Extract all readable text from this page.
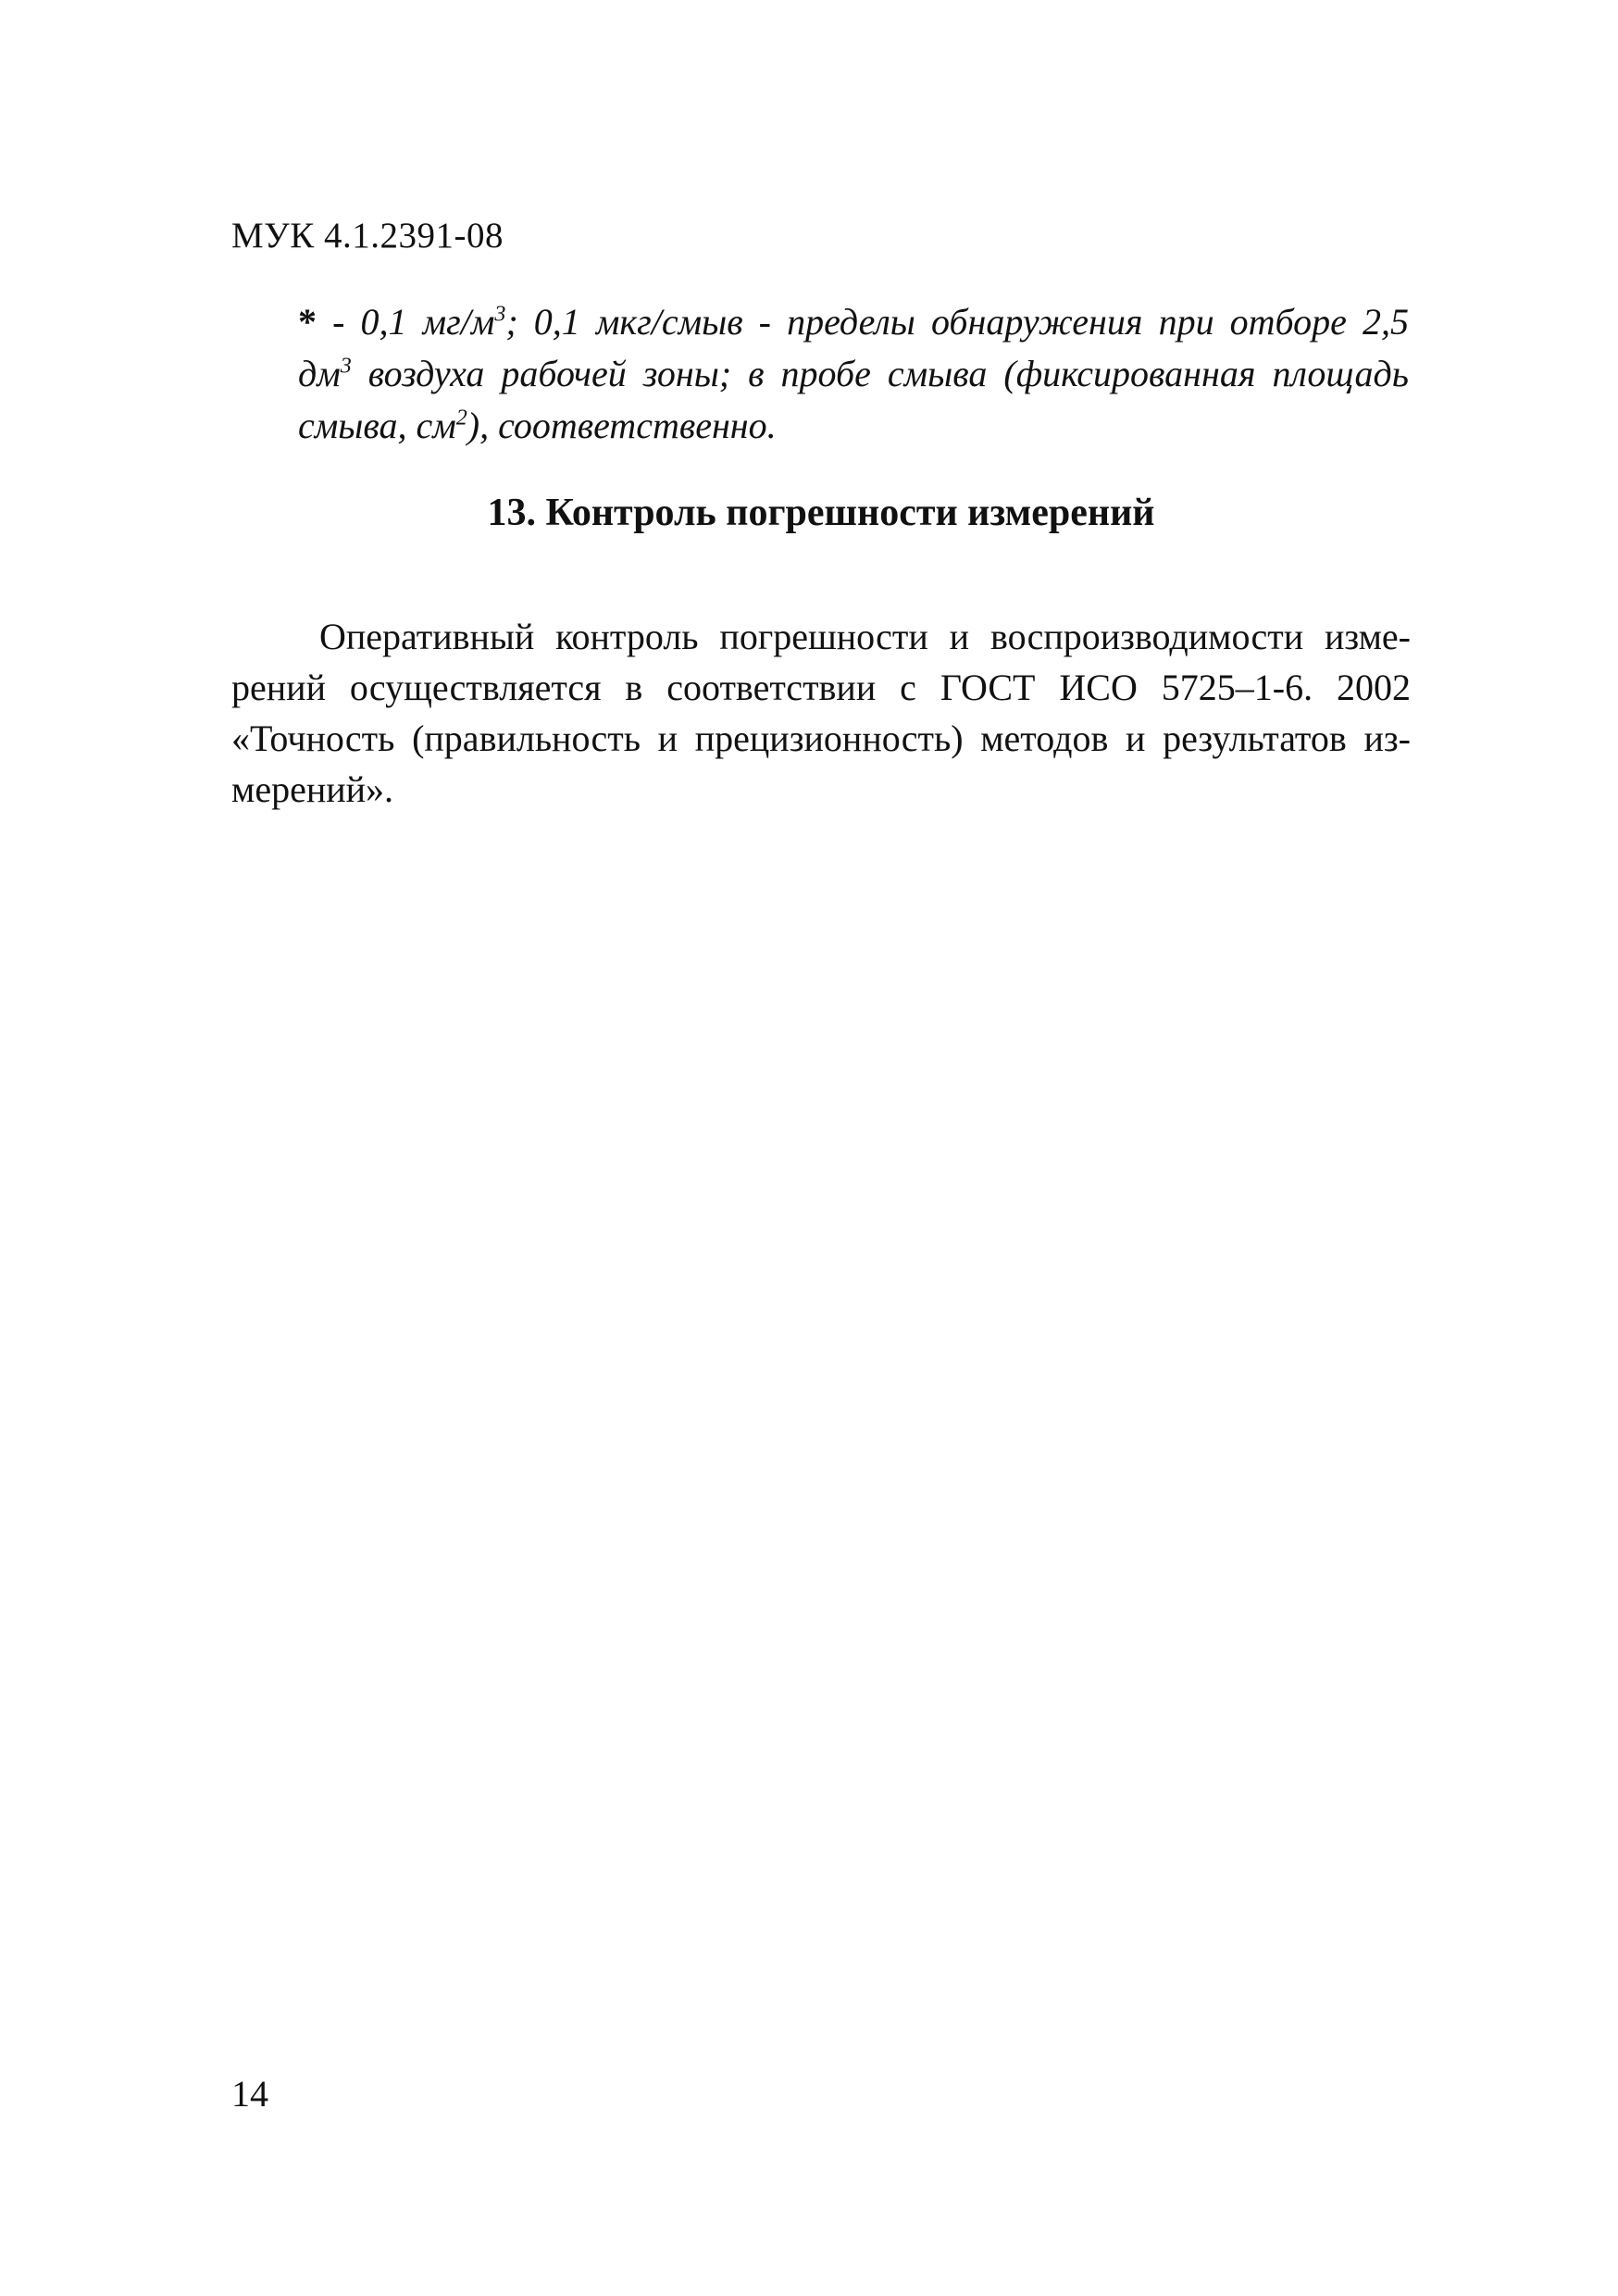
МУК 4.1.2391-08
* - 0,1 $мг/м^3$; 0,1 мкг/смыв - пределы обнаружения при отборе 2,5
$дм^3$ воздуха рабочей зоны; в пробе смыва (фиксированная площадь
смыва, $см^2$), соответственно.
13. Контроль погрешности измерений
Оперативный контроль погрешности и воспроизводимости изме-
рений осуществляется в соответствии с ГОСТ ИСО 5725–1-6. 2002
«Точность (правильность и прецизионность) методов и результатов из-
мерений».
14
